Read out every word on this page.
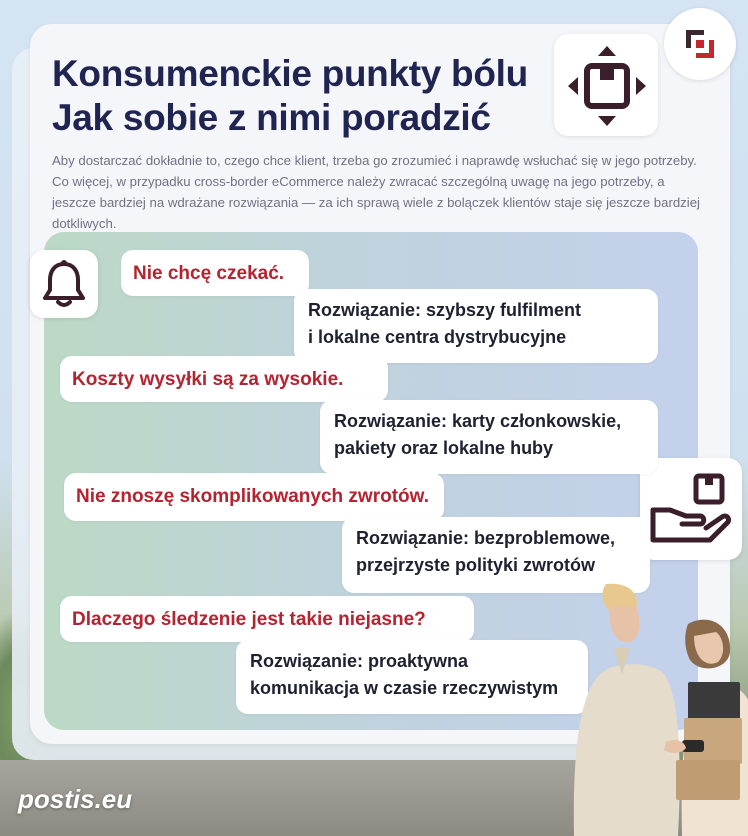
Konsumenckie punkty bólu
Jak sobie z nimi poradzić

Aby dostarczać dokładnie to, czego chce klient, trzeba go zrozumieć i naprawdę wsłuchać się w jego potrzeby. Co więcej, w przypadku cross-border eCommerce należy zwracać szczególną uwagę na jego potrzeby, a jeszcze bardziej na wdrażane rozwiązania — za ich sprawą wiele z bolączek klientów staje się jeszcze bardziej dotkliwych.

Nie chcę czekać.
Rozwiązanie: szybszy fulfilment
i lokalne centra dystrybucyjne
Koszty wysyłki są za wysokie.
Rozwiązanie: karty członkowskie,
pakiety oraz lokalne huby
Nie znoszę skomplikowanych zwrotów.
Rozwiązanie: bezproblemowe,
przejrzyste polityki zwrotów
Dlaczego śledzenie jest takie niejasne?
Rozwiązanie: proaktywna
komunikacja w czasie rzeczywistym

postis.eu
